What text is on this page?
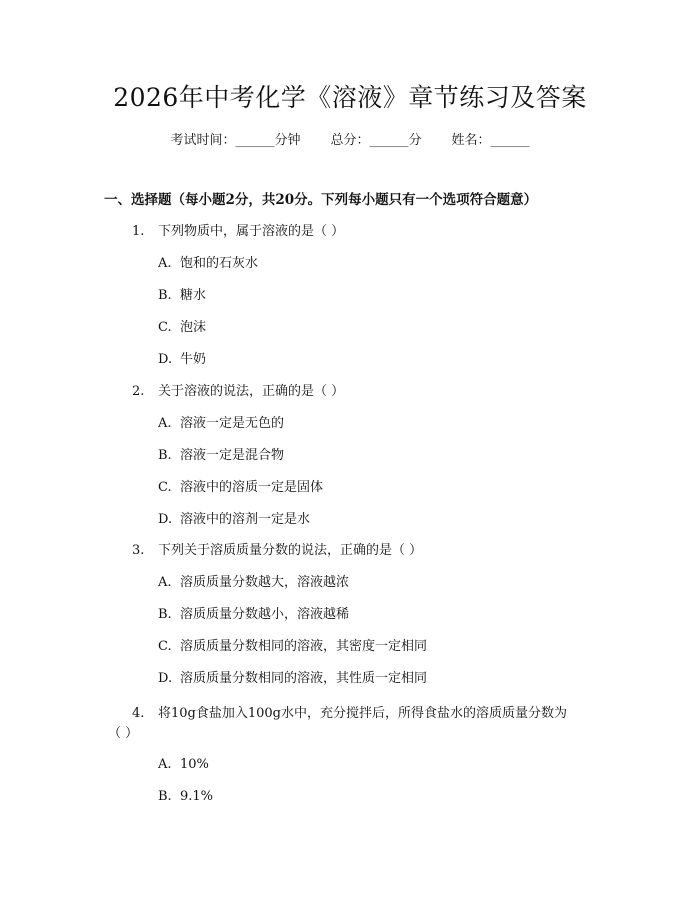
2026年中考化学《溶液》章节练习及答案
考试时间：______分钟 总分：______分 姓名：______
一、选择题（每小题2分，共20分。下列每小题只有一个选项符合题意）
1. 下列物质中，属于溶液的是（ ）
A. 饱和的石灰水
B. 糖水
C. 泡沫
D. 牛奶
2. 关于溶液的说法，正确的是（ ）
A. 溶液一定是无色的
B. 溶液一定是混合物
C. 溶液中的溶质一定是固体
D. 溶液中的溶剂一定是水
3. 下列关于溶质质量分数的说法，正确的是（ ）
A. 溶质质量分数越大，溶液越浓
B. 溶质质量分数越小，溶液越稀
C. 溶质质量分数相同的溶液，其密度一定相同
D. 溶质质量分数相同的溶液，其性质一定相同
4. 将10g食盐加入100g水中，充分搅拌后，所得食盐水的溶质质量分数为
（ ）
A. 10%
B. 9.1%
